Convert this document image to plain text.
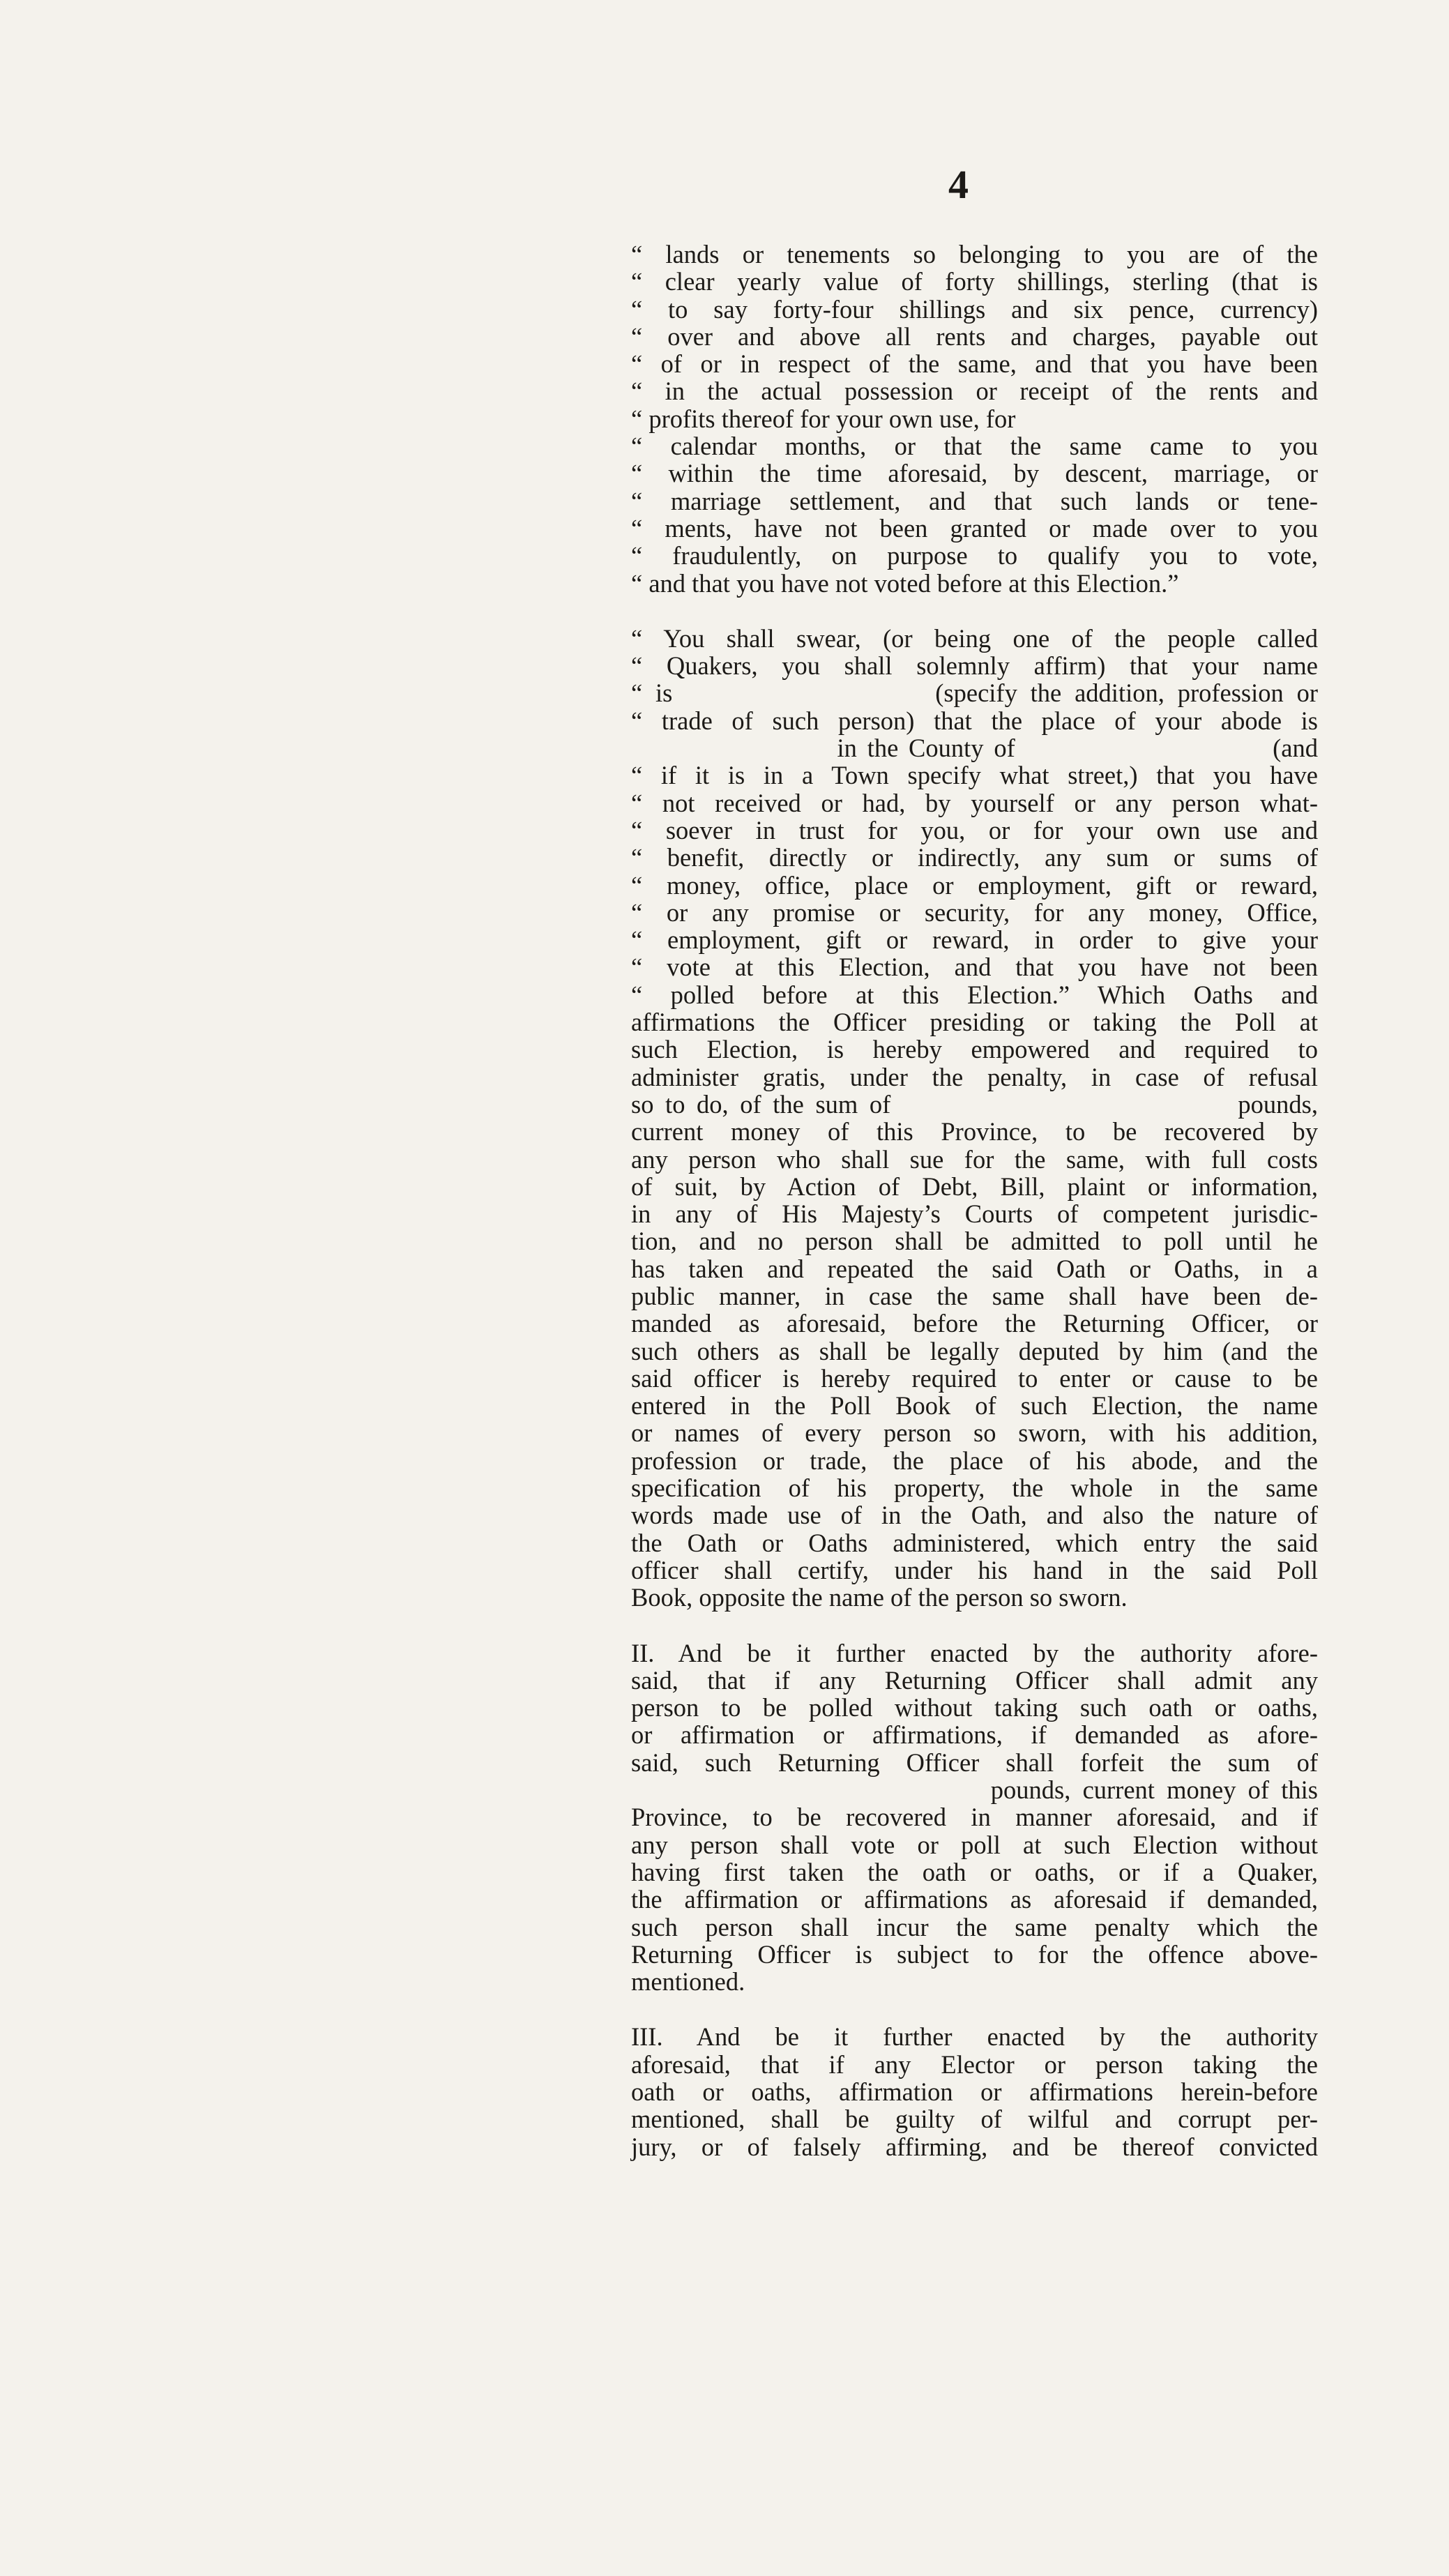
4
“ lands or tenements so belonging to you are of the
“ clear yearly value of forty shillings, sterling (that is
“ to say forty-four shillings and six pence, currency)
“ over and above all rents and charges, payable out
“ of or in respect of the same, and that you have been
“ in the actual possession or receipt of the rents and
“ profits thereof for your own use, for
“ calendar months, or that the same came to you
“ within the time aforesaid, by descent, marriage, or
“ marriage settlement, and that such lands or tene-
“ ments, have not been granted or made over to you
“ fraudulently, on purpose to qualify you to vote,
“ and that you have not voted before at this Election.”
“ You shall swear, (or being one of the people called
“ Quakers, you shall solemnly affirm) that your name
“ is                    (specify the addition, profession or
“ trade of such person) that the place of your abode is
in the County of                         (and
“ if it is in a Town specify what street,) that you have
“ not received or had, by yourself or any person what-
“ soever in trust for you, or for your own use and
“ benefit, directly or indirectly, any sum or sums of
“ money, office, place or employment, gift or reward,
“ or any promise or security, for any money, Office,
“ employment, gift or reward, in order to give your
“ vote at this Election, and that you have not been
“ polled before at this Election.” Which Oaths and
affirmations the Officer presiding or taking the Poll at
such Election, is hereby empowered and required to
administer gratis, under the penalty, in case of refusal
so to do, of the sum of                              pounds,
current money of this Province, to be recovered by
any person who shall sue for the same, with full costs
of suit, by Action of Debt, Bill, plaint or information,
in any of His Majesty’s Courts of competent jurisdic-
tion, and no person shall be admitted to poll until he
has taken and repeated the said Oath or Oaths, in a
public manner, in case the same shall have been de-
manded as aforesaid, before the Returning Officer, or
such others as shall be legally deputed by him (and the
said officer is hereby required to enter or cause to be
entered in the Poll Book of such Election, the name
or names of every person so sworn, with his addition,
profession or trade, the place of his abode, and the
specification of his property, the whole in the same
words made use of in the Oath, and also the nature of
the Oath or Oaths administered, which entry the said
officer shall certify, under his hand in the said Poll
Book, opposite the name of the person so sworn.
II. And be it further enacted by the authority afore-
said, that if any Returning Officer shall admit any
person to be polled without taking such oath or oaths,
or affirmation or affirmations, if demanded as afore-
said, such Returning Officer shall forfeit the sum of
pounds, current money of this
Province, to be recovered in manner aforesaid, and if
any person shall vote or poll at such Election without
having first taken the oath or oaths, or if a Quaker,
the affirmation or affirmations as aforesaid if demanded,
such person shall incur the same penalty which the
Returning Officer is subject to for the offence above-
mentioned.
III. And be it further enacted by the authority
aforesaid, that if any Elector or person taking the
oath or oaths, affirmation or affirmations herein-before
mentioned, shall be guilty of wilful and corrupt per-
jury, or of falsely affirming, and be thereof convicted
